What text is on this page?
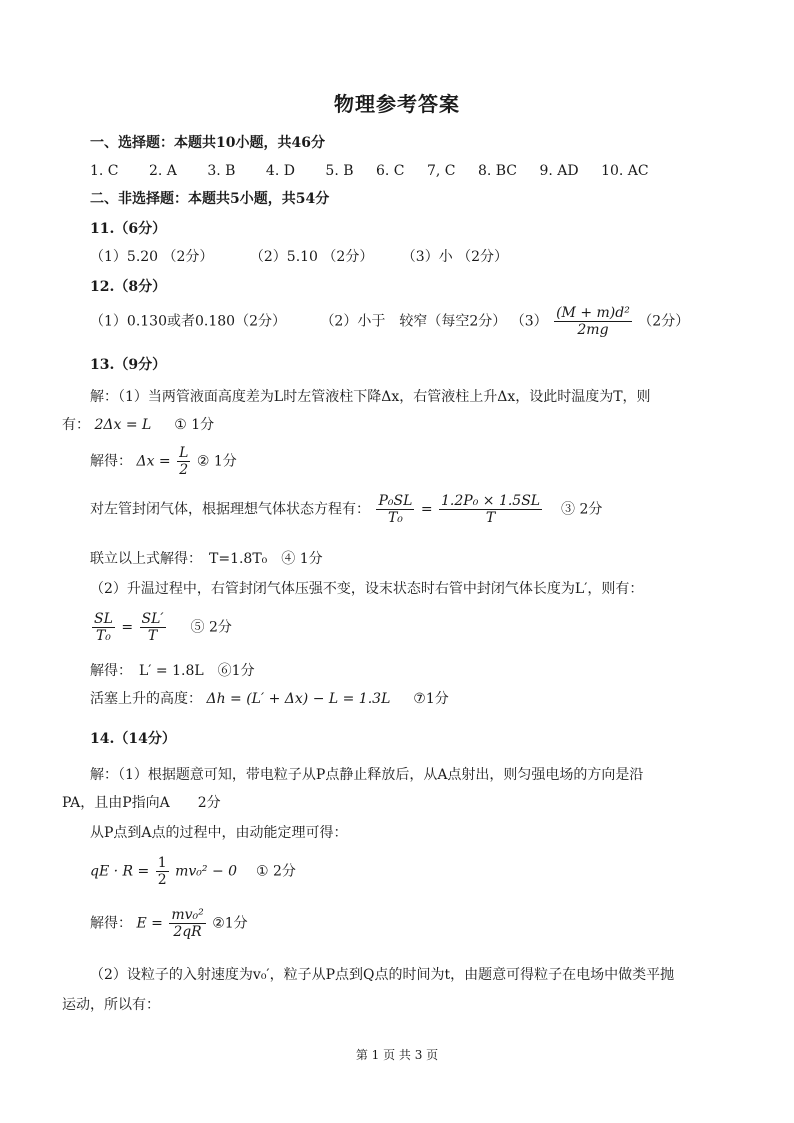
物理参考答案
一、选择题：本题共10小题，共46分
1. C 2. A 3. B 4. D 5. B 6. C 7, C 8. BC 9. AD 10. AC
二、非选择题：本题共5小题，共54分
11.（6分）
（1）5.20 （2分）	（2）5.10 （2分） （3）小 （2分）
12.（8分）
（1）0.130或者0.180（2分） （2）小于　较窄（每空2分） $(3) \frac{\text{(M + m)d²}}{2mg} (2$分）
13.（9分）
解：（1）当两管液面高度差为L时左管液柱下降Δx，右管液柱上升Δx，设此时温度为T，则
有： 2Δx = L ① 1分
解得： $\Delta x = \frac{L}{2}$ ② 1分
对左管封闭气体，根据理想气体状态方程有： $\frac{\text{P₀SL}}{\text{T₀}} = \frac{\text{1.2P₀ × 1.5SL}}{T}$ ③ 2分
联立以上式解得：　T=1.8T₀　④ 1分
（2）升温过程中，右管封闭气体压强不变，设末状态时右管中封闭气体长度为L′，则有：
$\frac{SL}{\text{T₀}} = \frac{SL'}{T}$ ⑤ 2分
解得：　L′ = 1.8L　⑥1分
活塞上升的高度： Δh = (L′ + Δx) − L = 1.3L ⑦1分
14.（14分）
解：（1）根据题意可知，带电粒子从P点静止释放后，从A点射出，则匀强电场的方向是沿
PA，且由P指向A　　2分
从P点到A点的过程中，由动能定理可得：
qE · $R = \frac{1}{2} mv_0^2 - 0$ ① 2分
解得： $E = \frac{\text{mv₀²}}{2qR}$ ②1分
（2）设粒子的入射速度为v₀′，粒子从P点到Q点的时间为t，由题意可得粒子在电场中做类平抛
运动，所以有：
第 1 页 共 3 页
